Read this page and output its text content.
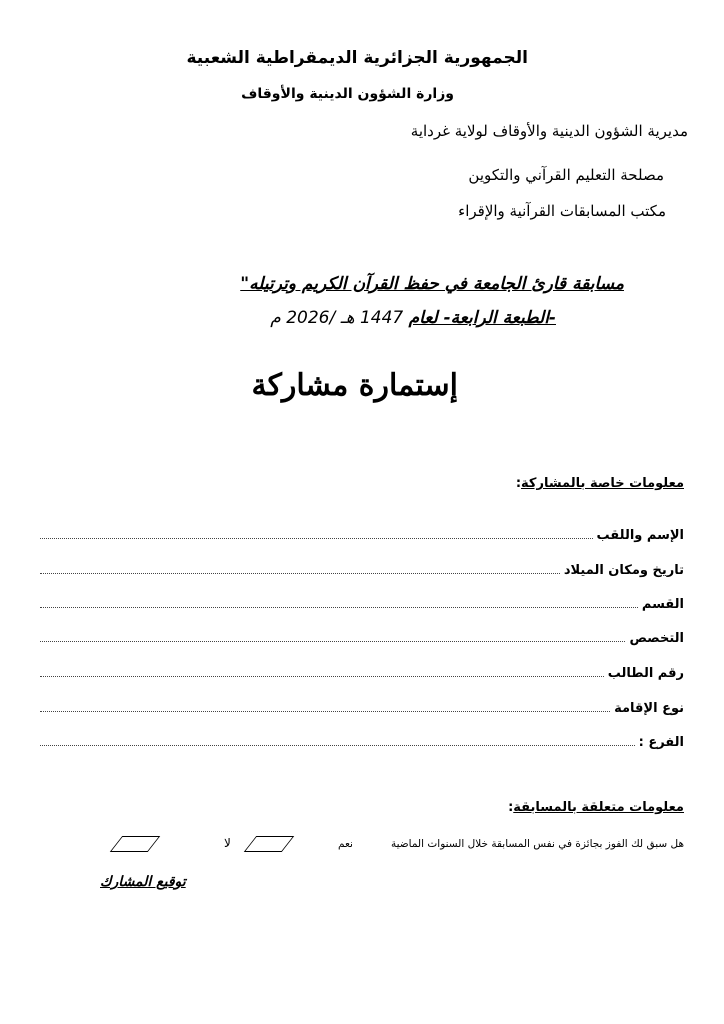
الجمهورية الجزائرية الديمقراطية الشعبية
وزارة الشؤون الدينية والأوقاف
مديرية الشؤون الدينية والأوقاف لولاية غرداية
مصلحة التعليم القرآني والتكوين
مكتب المسابقات القرآنية والإقراء
مسابقة قارئ الجامعة في حفظ القرآن الكريم وترتيله"
-الطبعة الرابعة- لعام 1447 هـ /2026 م
إستمارة مشاركة
معلومات خاصة بالمشاركة:
الإسم واللقب
تاريخ ومكان الميلاد
القسم
التخصص
رقم الطالب
نوع الإقامة
الفرع :
معلومات متعلقة بالمسابقة:
هل سبق لك الفوز بجائزة في نفس المسابقة خلال السنوات الماضية
نعم
لا
توقيع المشارك
